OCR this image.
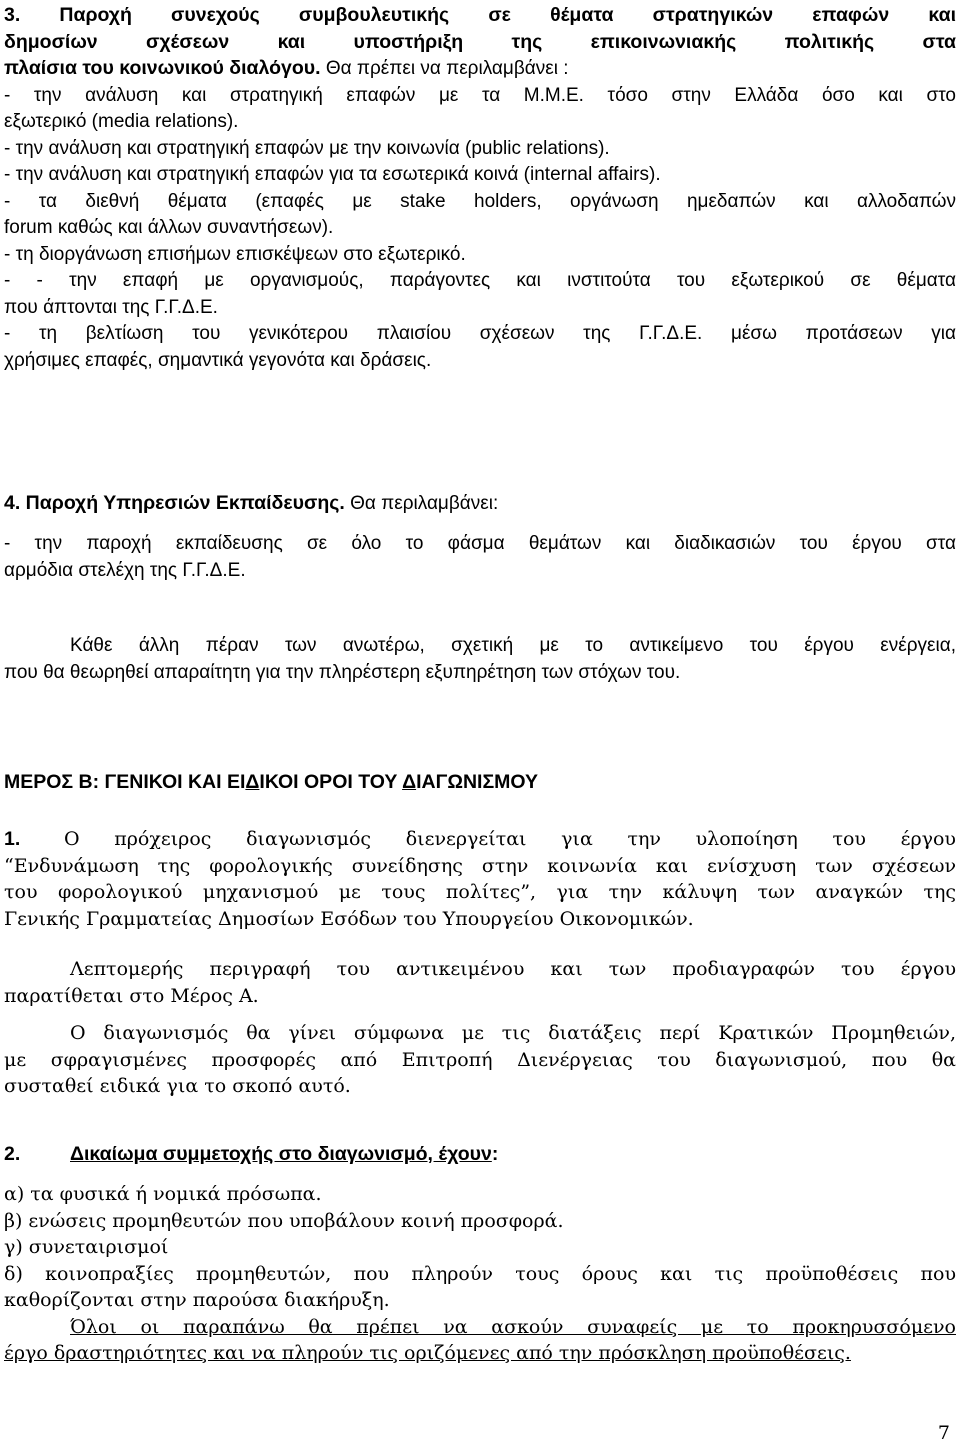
3. Παροχή συνεχούς συμβουλευτικής σε θέματα στρατηγικών επαφών και
δημοσίων σχέσεων και υποστήριξη της επικοινωνιακής πολιτικής στα
πλαίσια του κοινωνικού διαλόγου. Θα πρέπει να περιλαμβάνει :
- την ανάλυση και στρατηγική επαφών με τα Μ.Μ.Ε. τόσο στην Ελλάδα όσο και στο
εξωτερικό (media relations).
- την ανάλυση και στρατηγική επαφών με την κοινωνία (public relations).
- την ανάλυση και στρατηγική επαφών για τα εσωτερικά κοινά (internal affairs).
- τα διεθνή θέματα (επαφές με stake holders, οργάνωση ημεδαπών και αλλοδαπών
forum καθώς και άλλων συναντήσεων).
- τη διοργάνωση επισήμων επισκέψεων στο εξωτερικό.
- - την επαφή με οργανισμούς, παράγοντες και ινστιτούτα του εξωτερικού σε θέματα
που άπτονται της Γ.Γ.Δ.Ε.
- τη βελτίωση του γενικότερου πλαισίου σχέσεων της Γ.Γ.Δ.Ε. μέσω προτάσεων για
χρήσιμες επαφές, σημαντικά γεγονότα και δράσεις.
4. Παροχή Υπηρεσιών Εκπαίδευσης. Θα περιλαμβάνει:
- την παροχή εκπαίδευσης σε όλο το φάσμα θεμάτων και διαδικασιών του έργου στα
αρμόδια στελέχη της Γ.Γ.Δ.Ε.
Κάθε άλλη πέραν των ανωτέρω, σχετική με το αντικείμενο του έργου ενέργεια,
που θα θεωρηθεί απαραίτητη για την πληρέστερη εξυπηρέτηση των στόχων του.
ΜΕΡΟΣ Β: ΓΕΝΙΚΟΙ ΚΑΙ ΕΙΔΙΚΟΙ ΟΡΟΙ ΤΟΥ ΔΙΑΓΩΝΙΣΜΟΥ
1. Ο πρόχειρος διαγωνισμός διενεργείται για την υλοποίηση του έργου
“Ενδυνάμωση της φορολογικής συνείδησης στην κοινωνία και ενίσχυση των σχέσεων
του φορολογικού μηχανισμού με τους πολίτες”, για την κάλυψη των αναγκών της
Γενικής Γραμματείας Δημοσίων Εσόδων του Υπουργείου Οικονομικών.
Λεπτομερής περιγραφή του αντικειμένου και των προδιαγραφών του έργου
παρατίθεται στο Μέρος Α.
Ο διαγωνισμός θα γίνει σύμφωνα με τις διατάξεις περί Κρατικών Προμηθειών,
με σφραγισμένες προσφορές από Επιτροπή Διενέργειας του διαγωνισμού, που θα
συσταθεί ειδικά για το σκοπό αυτό.
2.	Δικαίωμα συμμετοχής στο διαγωνισμό, έχουν:
α) τα φυσικά ή νομικά πρόσωπα.
β) ενώσεις προμηθευτών που υποβάλουν κοινή προσφορά.
γ) συνεταιρισμοί
δ) κοινοπραξίες προμηθευτών, που πληρούν τους όρους και τις προϋποθέσεις που
καθορίζονται στην παρούσα διακήρυξη.
Όλοι οι παραπάνω θα πρέπει να ασκούν συναφείς με το προκηρυσσόμενο
έργο δραστηριότητες και να πληρούν τις οριζόμενες από την πρόσκληση προϋποθέσεις.
7
